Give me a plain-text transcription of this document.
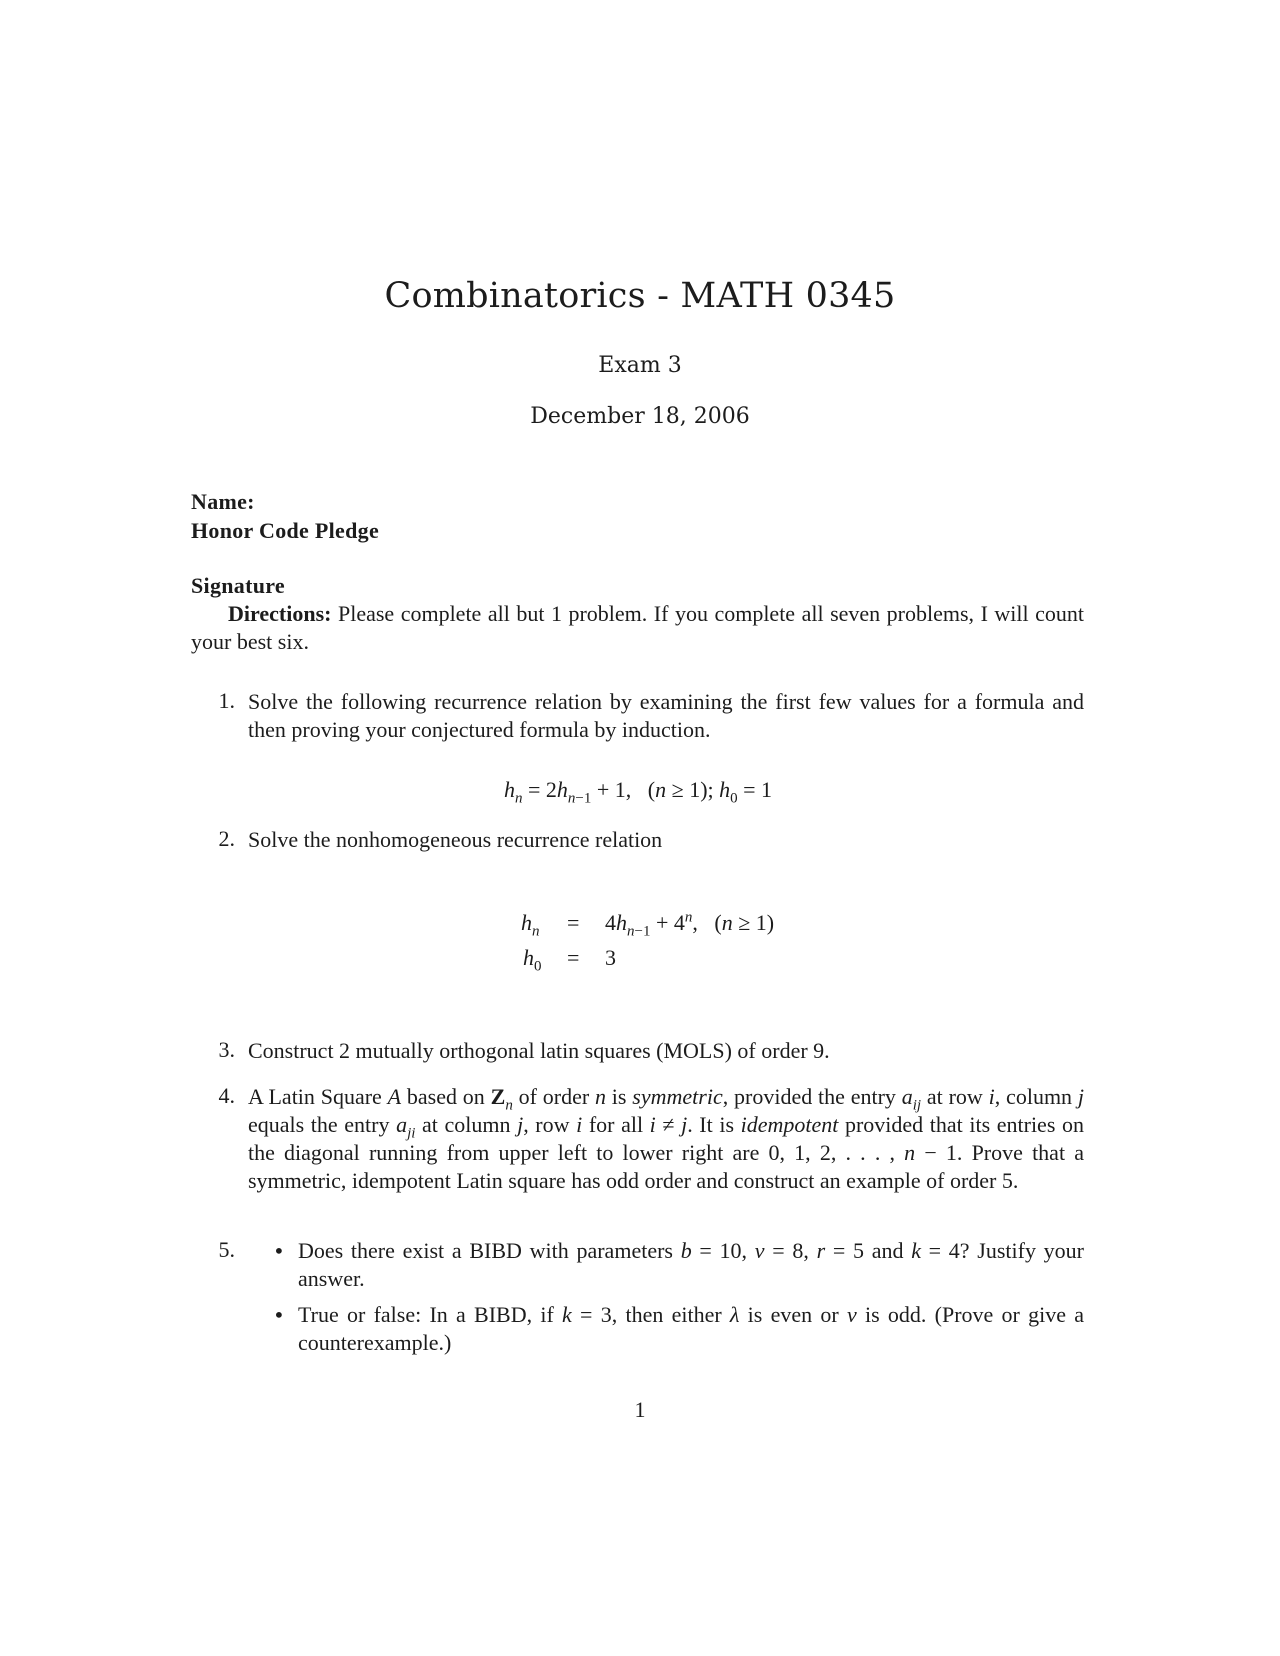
Combinatorics - MATH 0345
Exam 3
December 18, 2006
Name:
Honor Code Pledge
Signature
Directions: Please complete all but 1 problem. If you complete all seven problems, I will count your best six.
1. Solve the following recurrence relation by examining the first few values for a formula and then proving your conjectured formula by induction.
$h_n = 2h_{n-1} + 1$,   (n ≥ 1); $h_0 = 1$
2. Solve the nonhomogeneous recurrence relation
$h_n = 4h_{n-1} + 4^n$,   (n ≥ 1)
$h_0 = 3$
3. Construct 2 mutually orthogonal latin squares (MOLS) of order 9.
4. A Latin Square A based on $Z_n$ of order n is symmetric, provided the entry $a_{ij}$ at row i, column j equals the entry $a_{ji}$ at column j, row i for all i ≠ j. It is idempotent provided that its entries on the diagonal running from upper left to lower right are 0, 1, 2, . . . , n − 1. Prove that a symmetric, idempotent Latin square has odd order and construct an example of order 5.
5. • Does there exist a BIBD with parameters b = 10, v = 8, r = 5 and k = 4? Justify your answer.
• True or false: In a BIBD, if k = 3, then either λ is even or v is odd. (Prove or give a counterexample.)
1
